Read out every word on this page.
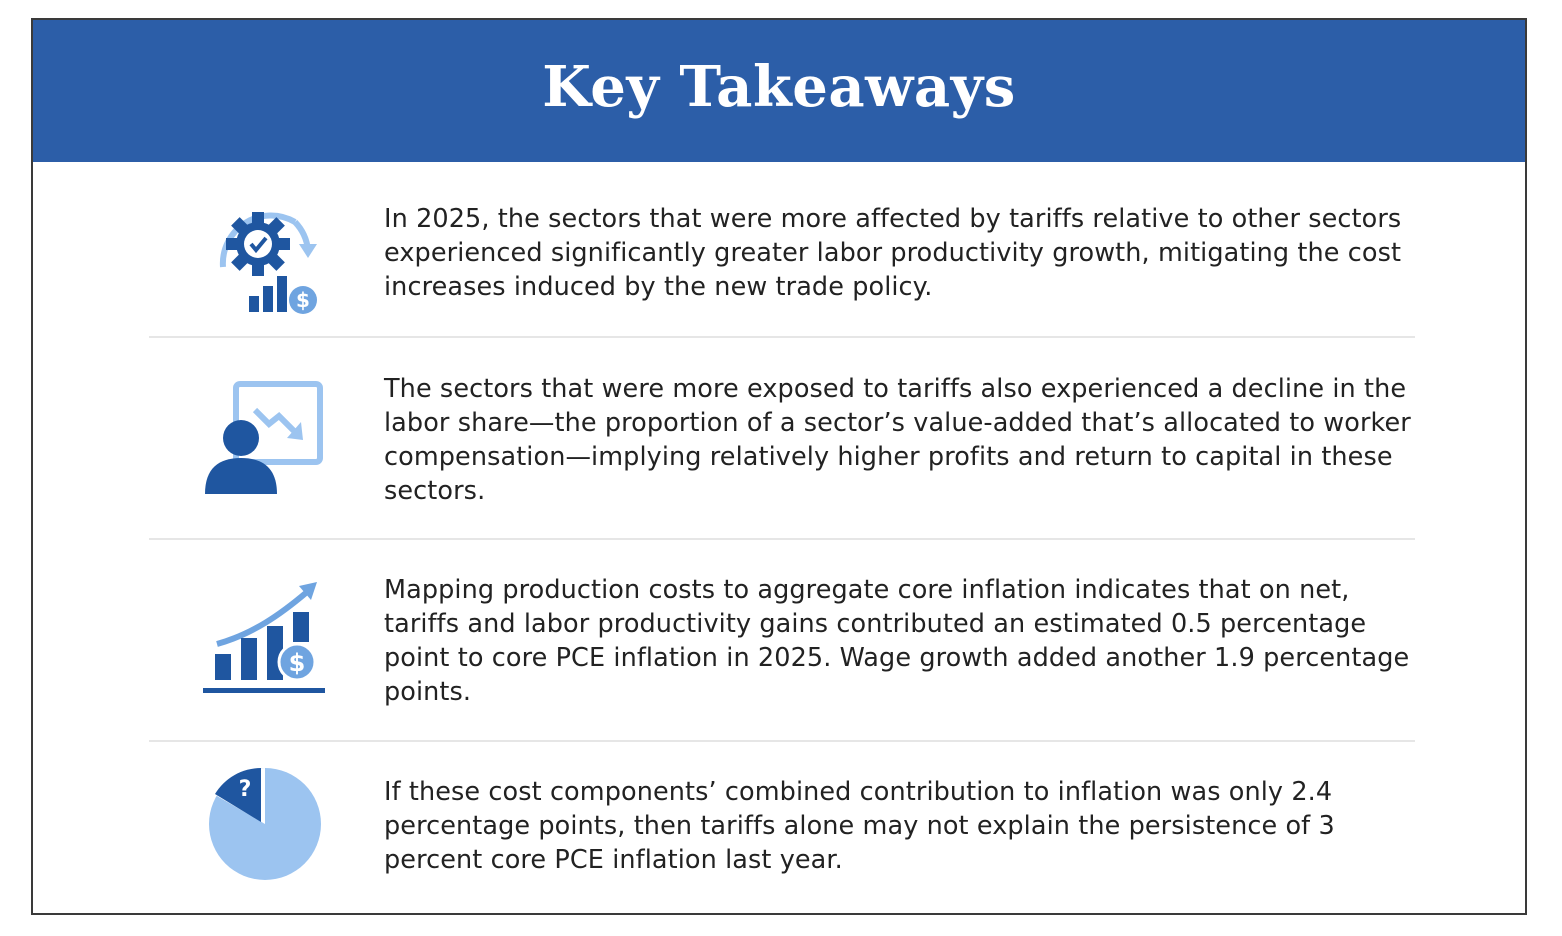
Key Takeaways
$
In 2025, the sectors that were more affected by tariffs relative to other sectors experienced significantly greater labor productivity growth, mitigating the cost increases induced by the new trade policy.
The sectors that were more exposed to tariffs also experienced a decline in the labor share—the proportion of a sector’s value-added that’s allocated to worker compensation—implying relatively higher profits and return to capital in these sectors.
$
Mapping production costs to aggregate core inflation indicates that on net, tariffs and labor productivity gains contributed an estimated 0.5 percentage point to core PCE inflation in 2025. Wage growth added another 1.9 percentage points.
?	If these cost components’ combined contribution to inflation was only 2.4 percentage points, then tariffs alone may not explain the persistence of 3 percent core PCE inflation last year.
